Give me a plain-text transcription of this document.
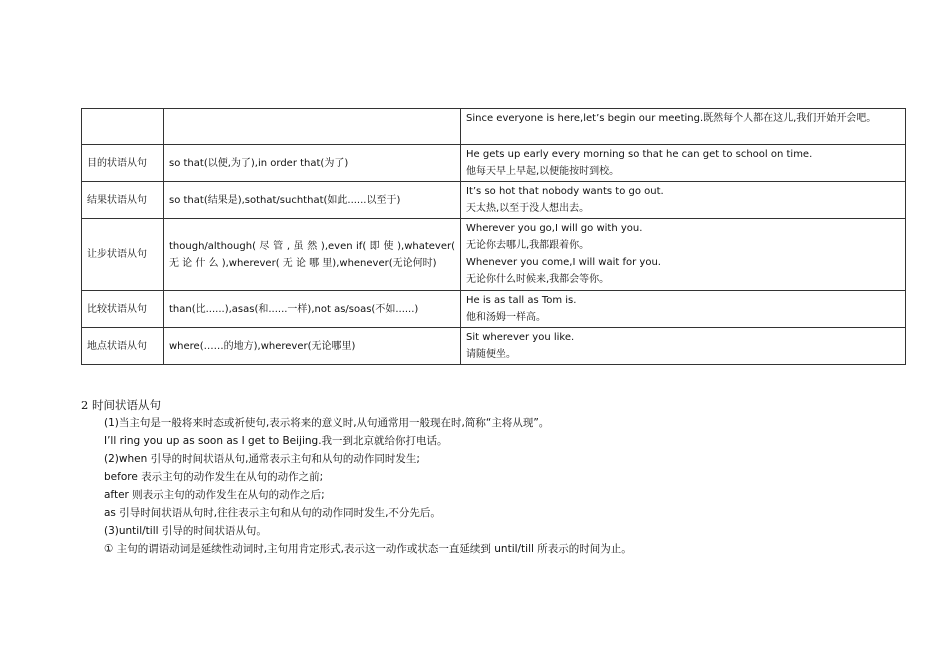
		Since everyone is here,let’s begin our meeting.既然每个人都在这儿,我们开始开会吧。

目的状语从句	so that(以便,为了),in order that(为了)	He gets up early every morning so that he can get to school on time.
他每天早上早起,以便能按时到校。

结果状语从句	so that(结果是),sothat/suchthat(如此......以至于)	It’s so hot that nobody wants to go out.
天太热,以至于没人想出去。

让步状语从句	though/although( 尽 管 , 虽 然 ),even if( 即 使 ),whatever( 无 论 什 么 ),wherever( 无 论 哪 里),whenever(无论何时)	Wherever you go,I will go with you.
无论你去哪儿,我都跟着你。
Whenever you come,I will wait for you.
无论你什么时候来,我都会等你。

比较状语从句	than(比......),asas(和......一样),not as/soas(不如......)	He is as tall as Tom is.
他和汤姆一样高。

地点状语从句	where(……的地方),wherever(无论哪里)	Sit wherever you like.
请随便坐。
2 时间状语从句
(1)当主句是一般将来时态或祈使句,表示将来的意义时,从句通常用一般现在时,简称“主将从现”。
I’ll ring you up as soon as I get to Beijing.我一到北京就给你打电话。
(2)when 引导的时间状语从句,通常表示主句和从句的动作同时发生;
before 表示主句的动作发生在从句的动作之前;
after 则表示主句的动作发生在从句的动作之后;
as 引导时间状语从句时,往往表示主句和从句的动作同时发生,不分先后。
(3)until/till 引导的时间状语从句。
① 主句的谓语动词是延续性动词时,主句用肯定形式,表示这一动作或状态一直延续到 until/till 所表示的时间为止。
